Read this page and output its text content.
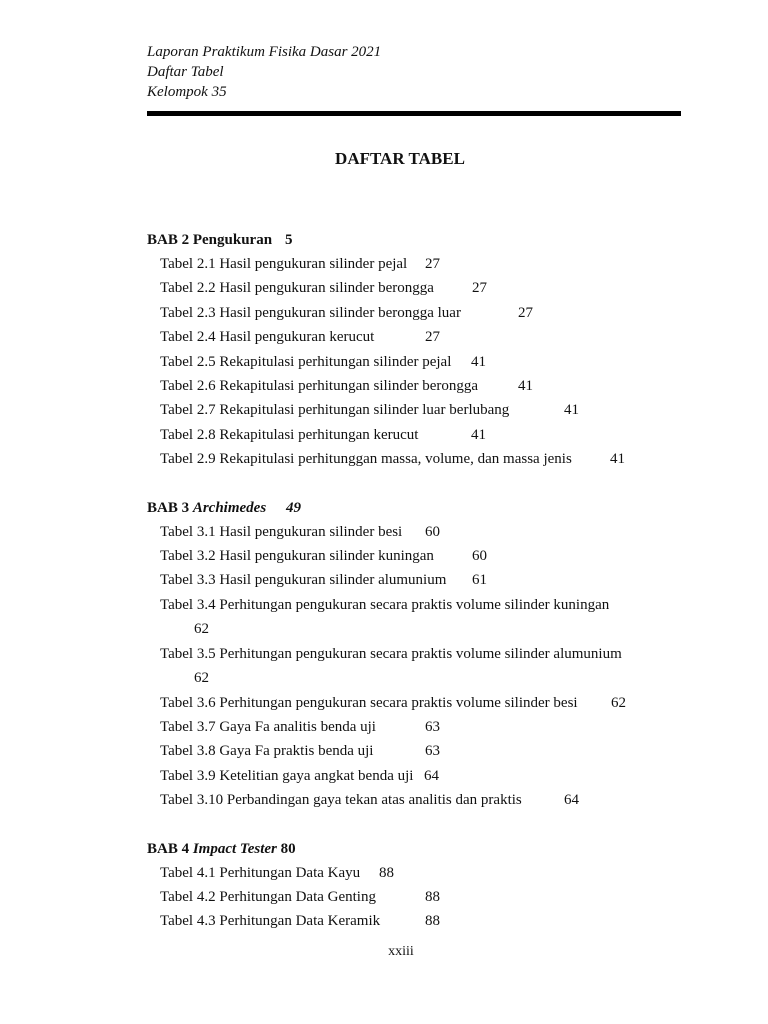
Laporan Praktikum Fisika Dasar 2021
Daftar Tabel
Kelompok 35
DAFTAR TABEL
BAB 2 Pengukuran 5
Tabel 2.1 Hasil pengukuran silinder pejal 27
Tabel 2.2 Hasil pengukuran silinder berongga	27
Tabel 2.3 Hasil pengukuran silinder berongga luar	27
Tabel 2.4 Hasil pengukuran kerucut	27
Tabel 2.5 Rekapitulasi perhitungan silinder pejal 41
Tabel 2.6 Rekapitulasi perhitungan silinder berongga	41
Tabel 2.7 Rekapitulasi perhitungan silinder luar berlubang	41
Tabel 2.8 Rekapitulasi perhitungan kerucut	41
Tabel 2.9 Rekapitulasi perhitunggan massa, volume, dan massa jenis	41
BAB 3 Archimedes 49
Tabel 3.1 Hasil pengukuran silinder besi 60
Tabel 3.2 Hasil pengukuran silinder kuningan	60
Tabel 3.3 Hasil pengukuran silinder alumunium 61
Tabel 3.4 Perhitungan pengukuran secara praktis volume silinder kuningan
62
Tabel 3.5 Perhitungan pengukuran secara praktis volume silinder alumunium
62
Tabel 3.6 Perhitungan pengukuran secara praktis volume silinder besi 62
Tabel 3.7 Gaya Fa analitis benda uji	63
Tabel 3.8 Gaya Fa praktis benda uji	63
Tabel 3.9 Ketelitian gaya angkat benda uji 64
Tabel 3.10 Perbandingan gaya tekan atas analitis dan praktis	64
BAB 4 Impact Tester 80
Tabel 4.1 Perhitungan Data Kayu 88
Tabel 4.2 Perhitungan Data Genting	88
Tabel 4.3 Perhitungan Data Keramik	88
xxiii
